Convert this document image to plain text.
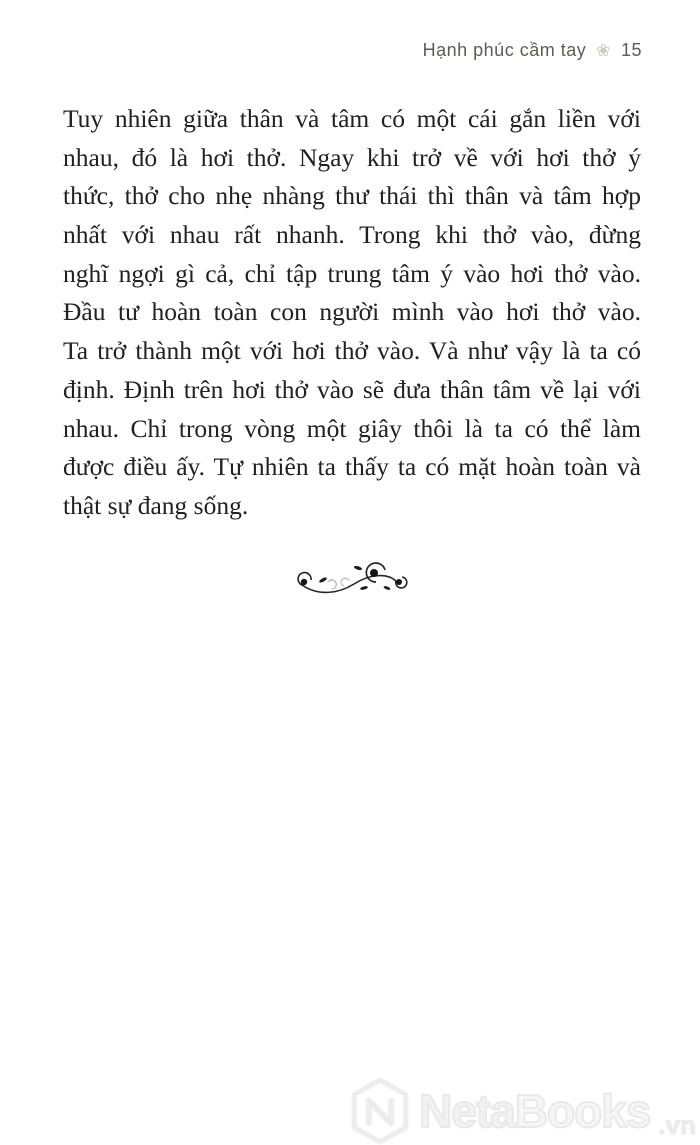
Hạnh phúc cầm tay ❀ 15
Tuy nhiên giữa thân và tâm có một cái gắn liền với
nhau, đó là hơi thở. Ngay khi trở về với hơi thở ý
thức, thở cho nhẹ nhàng thư thái thì thân và tâm hợp
nhất với nhau rất nhanh. Trong khi thở vào, đừng
nghĩ ngợi gì cả, chỉ tập trung tâm ý vào hơi thở vào.
Đầu tư hoàn toàn con người mình vào hơi thở vào.
Ta trở thành một với hơi thở vào. Và như vậy là ta có
định. Định trên hơi thở vào sẽ đưa thân tâm về lại với
nhau. Chỉ trong vòng một giây thôi là ta có thể làm
được điều ấy. Tự nhiên ta thấy ta có mặt hoàn toàn và
thật sự đang sống.
NetaBooks .vn
